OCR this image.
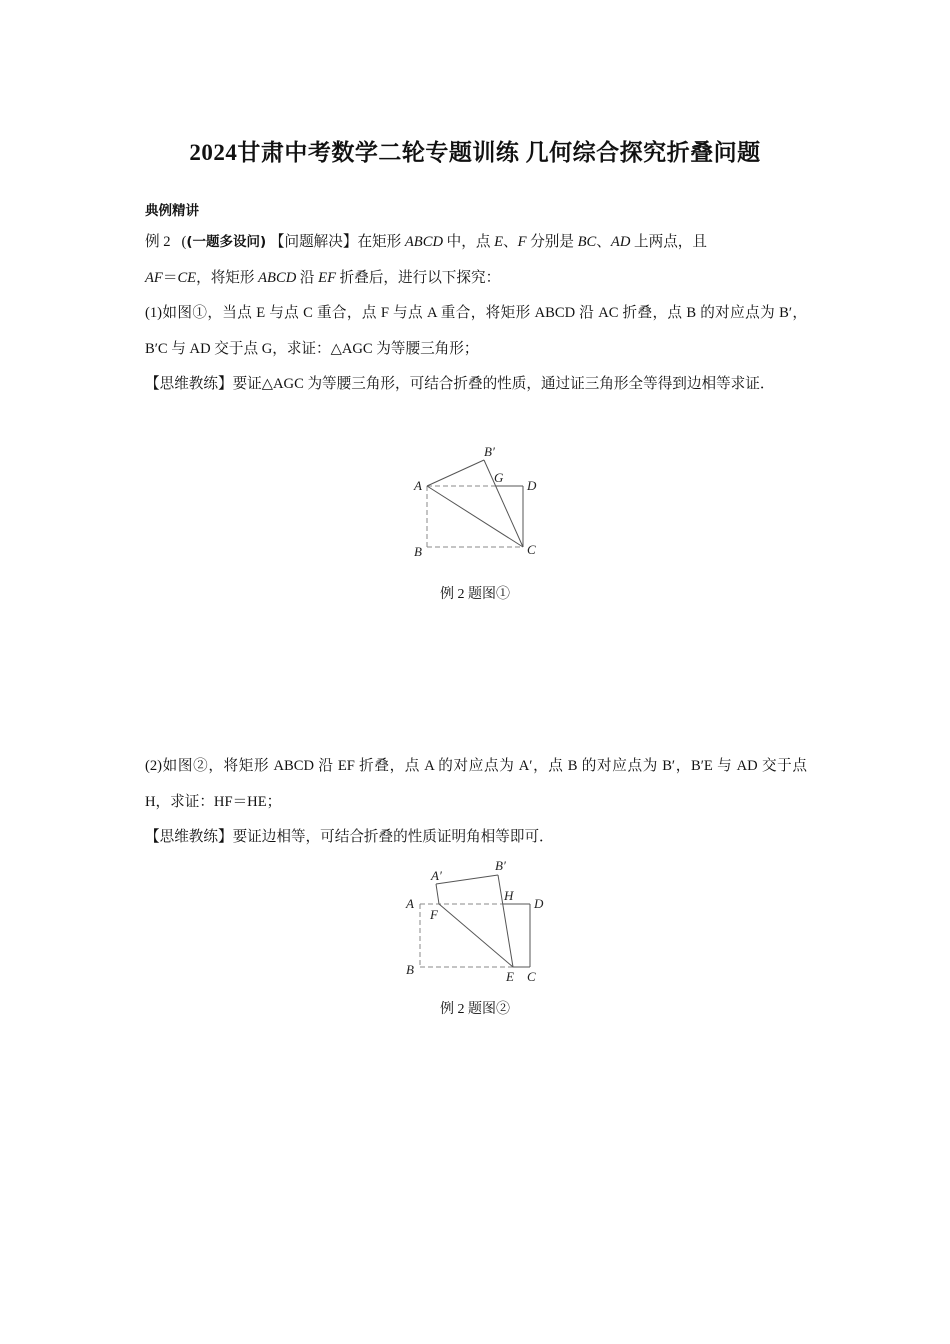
2024甘肃中考数学二轮专题训练 几何综合探究折叠问题
典例精讲
例 2 ((一题多设问) 【问题解决】在矩形 ABCD 中，点 E、F 分别是 BC、AD 上两点，且
AF＝CE，将矩形 ABCD 沿 EF 折叠后，进行以下探究：
(1)如图①，当点 E 与点 C 重合，点 F 与点 A 重合，将矩形 ABCD 沿 AC 折叠，点 B 的对应点为 B′，B′C 与 AD 交于点 G，求证：△AGC 为等腰三角形；
【思维教练】要证△AGC 为等腰三角形，可结合折叠的性质，通过证三角形全等得到边相等求证．
A
B	C
D
B′
G
A
B	C
D
A′
B′
E
F
H
例 2 题图①
(2)如图②，将矩形 ABCD 沿 EF 折叠，点 A 的对应点为 A′，点 B 的对应点为 B′，B′E 与 AD 交于点 H，求证：HF＝HE；
【思维教练】要证边相等，可结合折叠的性质证明角相等即可．
例 2 题图②
